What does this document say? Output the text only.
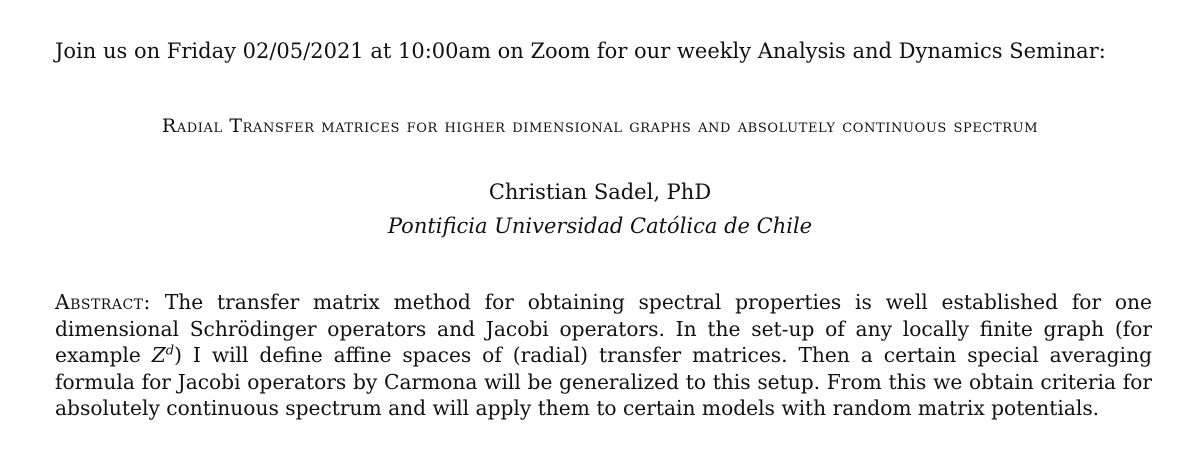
Join us on Friday 02/05/2021 at 10:00am on Zoom for our weekly Analysis and Dynamics Seminar:
Radial Transfer matrices for higher dimensional graphs and absolutely continuous spectrum
Christian Sadel, PhD
Pontificia Universidad Católica de Chile
Abstract: The transfer matrix method for obtaining spectral properties is well established for one dimensional Schrödinger operators and Jacobi operators. In the set-up of any locally finite graph (for example $Z^d$) I will define affine spaces of (radial) transfer matrices. Then a certain special averaging formula for Jacobi operators by Carmona will be generalized to this setup. From this we obtain criteria for absolutely continuous spectrum and will apply them to certain models with random matrix potentials.
